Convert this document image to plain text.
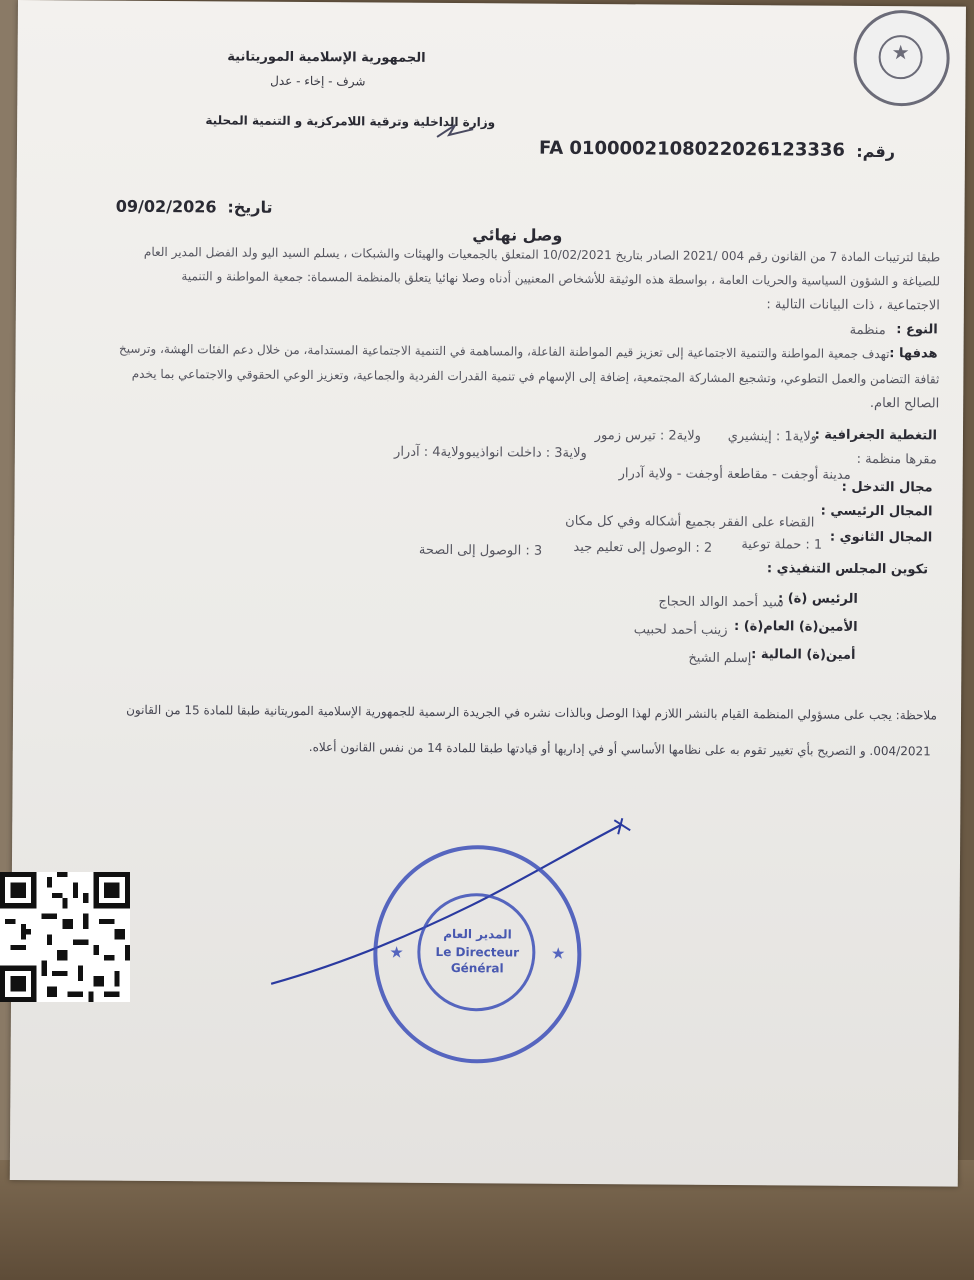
★
الجمهورية الإسلامية الموريتانية
شرف - إخاء - عدل
وزارة الداخلية وترقية اللامركزية و التنمية المحلية
رقم:
FA 0100002108022026123336
تاريخ:
09/02/2026
وصل نهائي
طبقا لترتيبات المادة 7 من القانون رقم 004 /2021 الصادر بتاريخ 10/02/2021 المتعلق بالجمعيات والهيئات والشبكات ، يسلم السيد اليو ولد الفضل المدير العام
للصياغة و الشؤون السياسية والحريات العامة ، بواسطة هذه الوثيقة للأشخاص المعنيين أدناه وصلا نهائيا يتعلق بالمنظمة المسماة: جمعية المواطنة و التنمية
الاجتماعية ، ذات البيانات التالية :
النوع :
منظمة
هدفها :
تهدف جمعية المواطنة والتنمية الاجتماعية إلى تعزيز قيم المواطنة الفاعلة، والمساهمة في التنمية الاجتماعية المستدامة، من خلال دعم الفئات الهشة، وترسيخ
ثقافة التضامن والعمل التطوعي، وتشجيع المشاركة المجتمعية، إضافة إلى الإسهام في تنمية القدرات الفردية والجماعية، وتعزيز الوعي الحقوقي والاجتماعي بما يخدم
الصالح العام.
التغطية الجغرافية :
ولاية1 : إينشيري
ولاية2 : تيرس زمور
مقرها منظمة :
ولاية3 : داخلت انواذيبو
ولاية4 : آدرار
مدينة أوجفت - مقاطعة أوجفت - ولاية آدرار
مجال التدخل :
المجال الرئيسي :
القضاء على الفقر بجميع أشكاله وفي كل مكان
المجال الثانوي :
1 : حملة توعية
2 : الوصول إلى تعليم جيد
3 : الوصول إلى الصحة
تكوين المجلس التنفيذي :
الرئيس (ة) :
سيد أحمد الوالد الحجاج
الأمين(ة) العام(ة) :
زينب أحمد لحبيب
أمين(ة) المالية :
إسلم الشيخ
ملاحظة: يجب على مسؤولي المنظمة القيام بالنشر اللازم لهذا الوصل وبالذات نشره في الجريدة الرسمية للجمهورية الإسلامية الموريتانية طبقا للمادة 15 من القانون
004/2021. و التصريح بأي تغيير تقوم به على نظامها الأساسي أو في إداريها أو قيادتها طبقا للمادة 14 من نفس القانون أعلاه.
★	★
المدير العام
Le Directeur
Général
